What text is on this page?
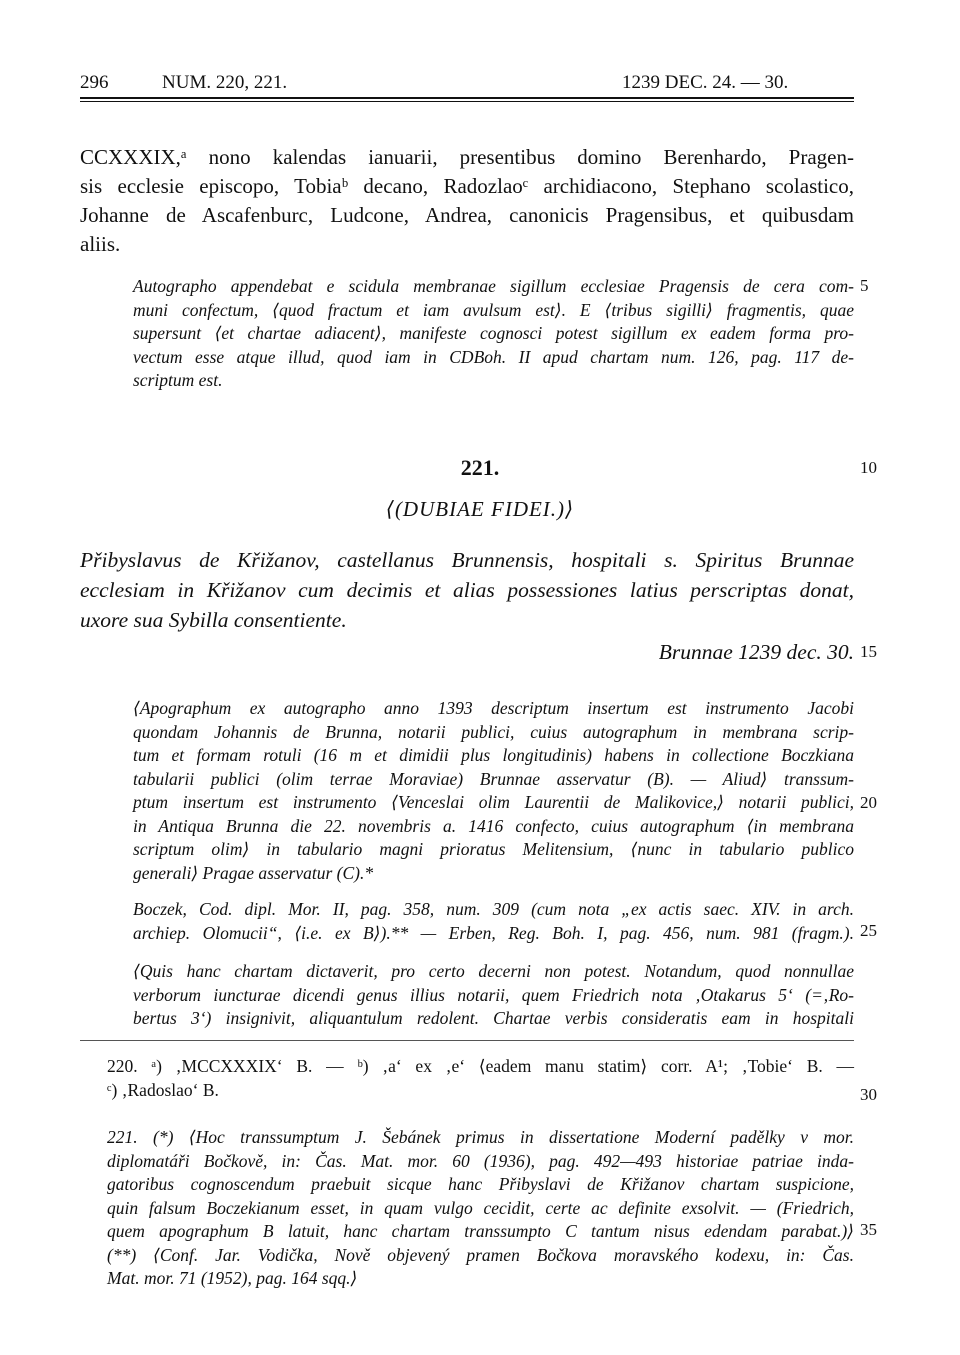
296	NUM. 220, 221.	1239 DEC. 24. — 30.
CCXXXIX,ᵃ nono kalendas ianuarii, presentibus domino Berenhardo, Pragen-
sis ecclesie episcopo, Tobiaᵇ decano, Radozlaoᶜ archidiacono, Stephano scolastico,
Johanne de Ascafenburc, Ludcone, Andrea, canonicis Pragensibus, et quibusdam
aliis.
Autographo appendebat e scidula membranae sigillum ecclesiae Pragensis de cera com-
muni confectum, ⟨quod fractum et iam avulsum est⟩. E ⟨tribus sigilli⟩ fragmentis, quae
supersunt ⟨et chartae adiacent⟩, manifeste cognosci potest sigillum ex eadem forma pro-
vectum esse atque illud, quod iam in CDBoh. II apud chartam num. 126, pag. 117 de-
scriptum est.
221.
⟨(DUBIAE FIDEI.)⟩
Přibyslavus de Křižanov, castellanus Brunnensis, hospitali s. Spiritus Brunnae
ecclesiam in Křižanov cum decimis et alias possessiones latius perscriptas donat,
uxore sua Sybilla consentiente.
Brunnae 1239 dec. 30.
⟨Apographum ex autographo anno 1393 descriptum insertum est instrumento Jacobi
quondam Johannis de Brunna, notarii publici, cuius autographum in membrana scrip-
tum et formam rotuli (16 m et dimidii plus longitudinis) habens in collectione Boczkiana
tabularii publici (olim terrae Moraviae) Brunnae asservatur (B). — Aliud⟩ transsum-
ptum insertum est instrumento ⟨Venceslai olim Laurentii de Malikovice,⟩ notarii publici,
in Antiqua Brunna die 22. novembris a. 1416 confecto, cuius autographum ⟨in membrana
scriptum olim⟩ in tabulario magni prioratus Melitensium, ⟨nunc in tabulario publico
generali⟩ Pragae asservatur (C).*
Boczek, Cod. dipl. Mor. II, pag. 358, num. 309 (cum nota „ex actis saec. XIV. in arch.
archiep. Olomucii“, ⟨i.e. ex B⟩).** — Erben, Reg. Boh. I, pag. 456, num. 981 (fragm.).
⟨Quis hanc chartam dictaverit, pro certo decerni non potest. Notandum, quod nonnullae
verborum iuncturae dicendi genus illius notarii, quem Friedrich nota ‚Otakarus 5‘ (=‚Ro-
bertus 3‘) insignivit, aliquantulum redolent. Chartae verbis consideratis eam in hospitali
220. ᵃ) ‚MCCXXXIX‘ B. — ᵇ) ‚a‘ ex ‚e‘ ⟨eadem manu statim⟩ corr. A¹; ‚Tobie‘ B. —
ᶜ) ‚Radoslao‘ B.
221. (*) ⟨Hoc transsumptum J. Šebánek primus in dissertatione Moderní padělky v mor.
diplomatáři Bočkově, in: Čas. Mat. mor. 60 (1936), pag. 492—493 historiae patriae inda-
gatoribus cognoscendum praebuit sicque hanc Přibyslavi de Křižanov chartam suspicione,
quin falsum Boczekianum esset, in quam vulgo cecidit, certe ac definite exsolvit. — (Friedrich,
quem apographum B latuit, hanc chartam transsumpto C tantum nisus edendam parabat.)⟩
(**) ⟨Conf. Jar. Vodička, Nově objevený pramen Bočkova moravského kodexu, in: Čas.
Mat. mor. 71 (1952), pag. 164 sqq.⟩
5
10
15
20
25
30
35
